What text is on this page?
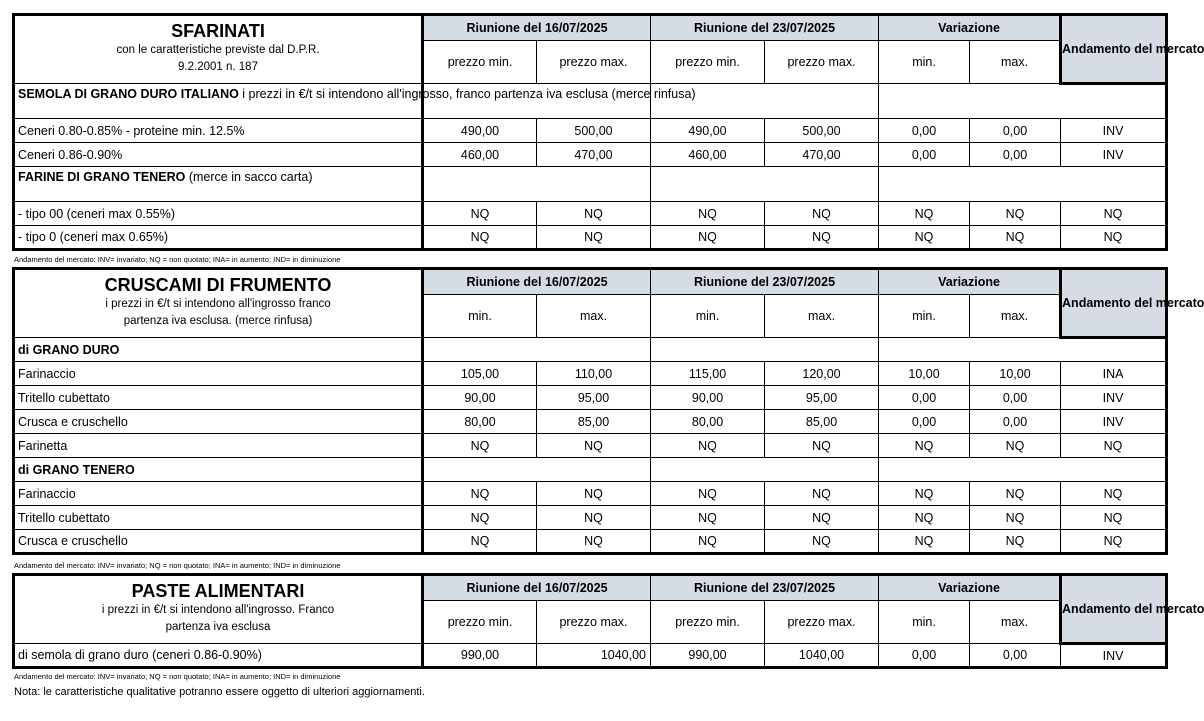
SFARINATI
con le caratteristiche previste dal D.P.R.
9.2.2001 n. 187	Riunione del 16/07/2025		Riunione del 23/07/2025		Variazione		Andamento del mercato
	prezzo min.	prezzo max.	prezzo min.	prezzo max.	min.	max.	
SEMOLA DI GRANO DURO ITALIANO i prezzi in €/t si intendono all'ingrosso, franco partenza iva esclusa (merce rinfusa)							
Ceneri 0.80-0.85% - proteine min. 12.5%	490,00	500,00	490,00	500,00	0,00	0,00	INV
Ceneri 0.86-0.90%	460,00	470,00	460,00	470,00	0,00	0,00	INV
FARINE DI GRANO TENERO (merce in sacco carta)							
- tipo 00 (ceneri max 0.55%)	NQ	NQ	NQ	NQ	NQ	NQ	NQ
- tipo 0 (ceneri max 0.65%)	NQ	NQ	NQ	NQ	NQ	NQ	NQ
Andamento del mercato: INV= invariato; NQ = non quotato; INA= in aumento; IND= in diminuzione
CRUSCAMI DI FRUMENTO
i prezzi in €/t si intendono all'ingrosso franco
partenza iva esclusa. (merce rinfusa)	Riunione del 16/07/2025		Riunione del 23/07/2025		Variazione		Andamento del mercato
	min.	max.	min.	max.	min.	max.	
di GRANO DURO							
Farinaccio	105,00	110,00	115,00	120,00	10,00	10,00	INA
Tritello cubettato	90,00	95,00	90,00	95,00	0,00	0,00	INV
Crusca e cruschello	80,00	85,00	80,00	85,00	0,00	0,00	INV
Farinetta	NQ	NQ	NQ	NQ	NQ	NQ	NQ
di GRANO TENERO							
Farinaccio	NQ	NQ	NQ	NQ	NQ	NQ	NQ
Tritello cubettato	NQ	NQ	NQ	NQ	NQ	NQ	NQ
Crusca e cruschello	NQ	NQ	NQ	NQ	NQ	NQ	NQ
Andamento del mercato: INV= invariato; NQ = non quotato; INA= in aumento; IND= in diminuzione
PASTE ALIMENTARI
i prezzi in €/t si intendono all'ingrosso. Franco
partenza iva esclusa	Riunione del 16/07/2025		Riunione del 23/07/2025		Variazione		Andamento del mercato
	prezzo min.	prezzo max.	prezzo min.	prezzo max.	min.	max.	
di semola di grano duro (ceneri 0.86-0.90%)	990,00	1040,00	990,00	1040,00	0,00	0,00	INV
Andamento del mercato: INV= invariato; NQ = non quotato; INA= in aumento; IND= in diminuzione
Nota: le caratteristiche qualitative potranno essere oggetto di ulteriori aggiornamenti.
